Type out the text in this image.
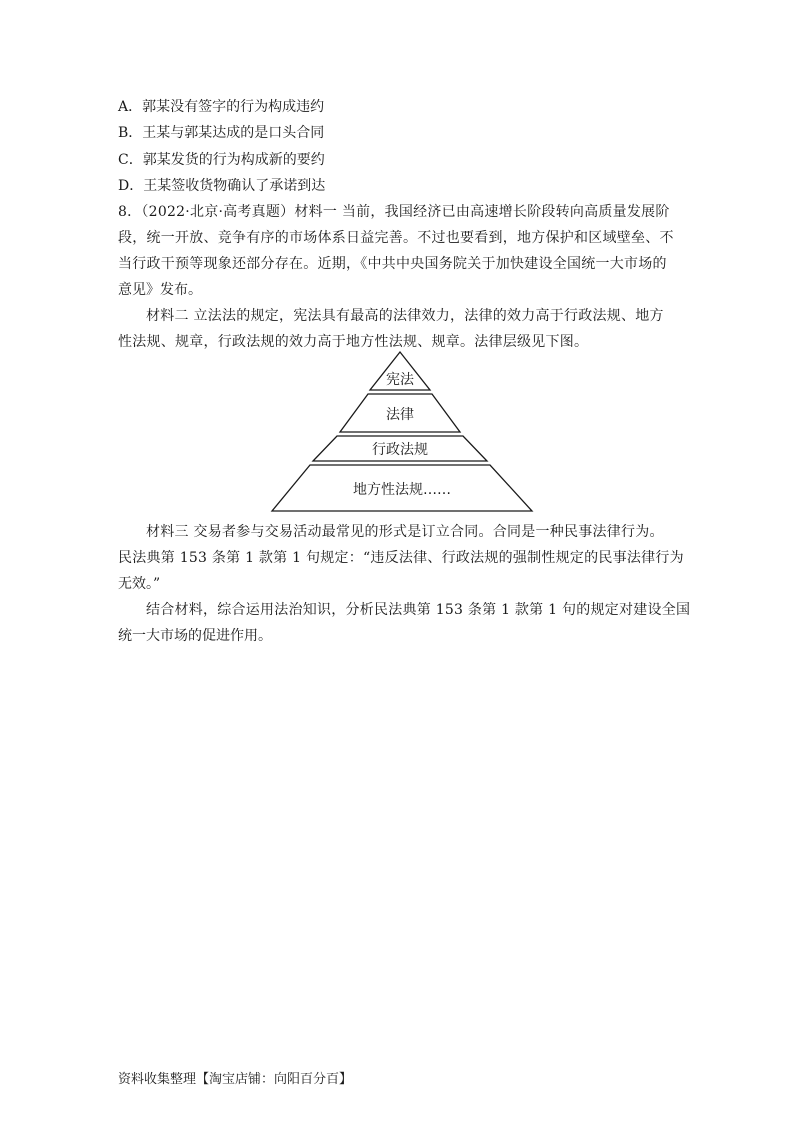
A．郭某没有签字的行为构成违约
B．王某与郭某达成的是口头合同
C．郭某发货的行为构成新的要约
D．王某签收货物确认了承诺到达
8．（2022·北京·高考真题）材料一 当前，我国经济已由高速增长阶段转向高质量发展阶
段，统一开放、竞争有序的市场体系日益完善。不过也要看到，地方保护和区域壁垒、不
当行政干预等现象还部分存在。近期，《中共中央国务院关于加快建设全国统一大市场的
意见》发布。
材料二 立法法的规定，宪法具有最高的法律效力，法律的效力高于行政法规、地方
性法规、规章，行政法规的效力高于地方性法规、规章。法律层级见下图。
宪法
法律
行政法规
地方性法规……
材料三 交易者参与交易活动最常见的形式是订立合同。合同是一种民事法律行为。
民法典第 153 条第 1 款第 1 句规定：“违反法律、行政法规的强制性规定的民事法律行为
无效。”
结合材料，综合运用法治知识，分析民法典第 153 条第 1 款第 1 句的规定对建设全国
统一大市场的促进作用。
资料收集整理【淘宝店铺：向阳百分百】
